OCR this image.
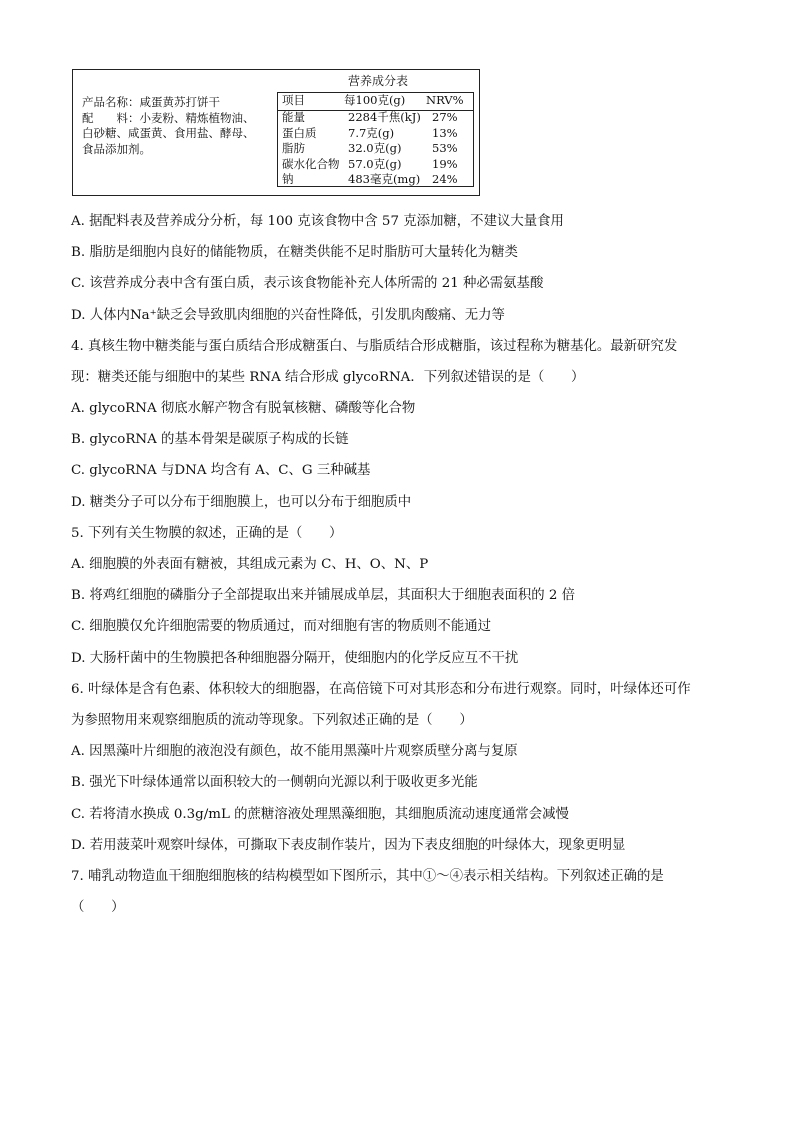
产品名称：咸蛋黄苏打饼干
配　　料：小麦粉、精炼植物油、
白砂糖、咸蛋黄、食用盐、酵母、
食品添加剂。
营养成分表
项目	每100克(g) NRV%
能量	2284千焦(kJ) 27%
蛋白质	7.7克(g)	13%
脂肪	32.0克(g)	53%
碳水化合物 57.0克(g)	19%
钠	483毫克(mg) 24%
A. 据配料表及营养成分分析，每 100 克该食物中含 57 克添加糖，不建议大量食用
B. 脂肪是细胞内良好的储能物质，在糖类供能不足时脂肪可大量转化为糖类
C. 该营养成分表中含有蛋白质，表示该食物能补充人体所需的 21 种必需氨基酸
D. 人体内Na⁺缺乏会导致肌肉细胞的兴奋性降低，引发肌肉酸痛、无力等
4. 真核生物中糖类能与蛋白质结合形成糖蛋白、与脂质结合形成糖脂，该过程称为糖基化。最新研究发
现：糖类还能与细胞中的某些 RNA 结合形成 glycoRNA．下列叙述错误的是（　　）
A. glycoRNA 彻底水解产物含有脱氧核糖、磷酸等化合物
B. glycoRNA 的基本骨架是碳原子构成的长链
C. glycoRNA 与DNA 均含有 A、C、G 三种碱基
D. 糖类分子可以分布于细胞膜上，也可以分布于细胞质中
5. 下列有关生物膜的叙述，正确的是（　　）
A. 细胞膜的外表面有糖被，其组成元素为 C、H、O、N、P
B. 将鸡红细胞的磷脂分子全部提取出来并铺展成单层，其面积大于细胞表面积的 2 倍
C. 细胞膜仅允许细胞需要的物质通过，而对细胞有害的物质则不能通过
D. 大肠杆菌中的生物膜把各种细胞器分隔开，使细胞内的化学反应互不干扰
6. 叶绿体是含有色素、体积较大的细胞器，在高倍镜下可对其形态和分布进行观察。同时，叶绿体还可作
为参照物用来观察细胞质的流动等现象。下列叙述正确的是（　　）
A. 因黑藻叶片细胞的液泡没有颜色，故不能用黑藻叶片观察质壁分离与复原
B. 强光下叶绿体通常以面积较大的一侧朝向光源以利于吸收更多光能
C. 若将清水换成 0.3g/mL 的蔗糖溶液处理黑藻细胞，其细胞质流动速度通常会减慢
D. 若用菠菜叶观察叶绿体，可撕取下表皮制作装片，因为下表皮细胞的叶绿体大，现象更明显
7. 哺乳动物造血干细胞细胞核的结构模型如下图所示，其中①～④表示相关结构。下列叙述正确的是
（　　）
